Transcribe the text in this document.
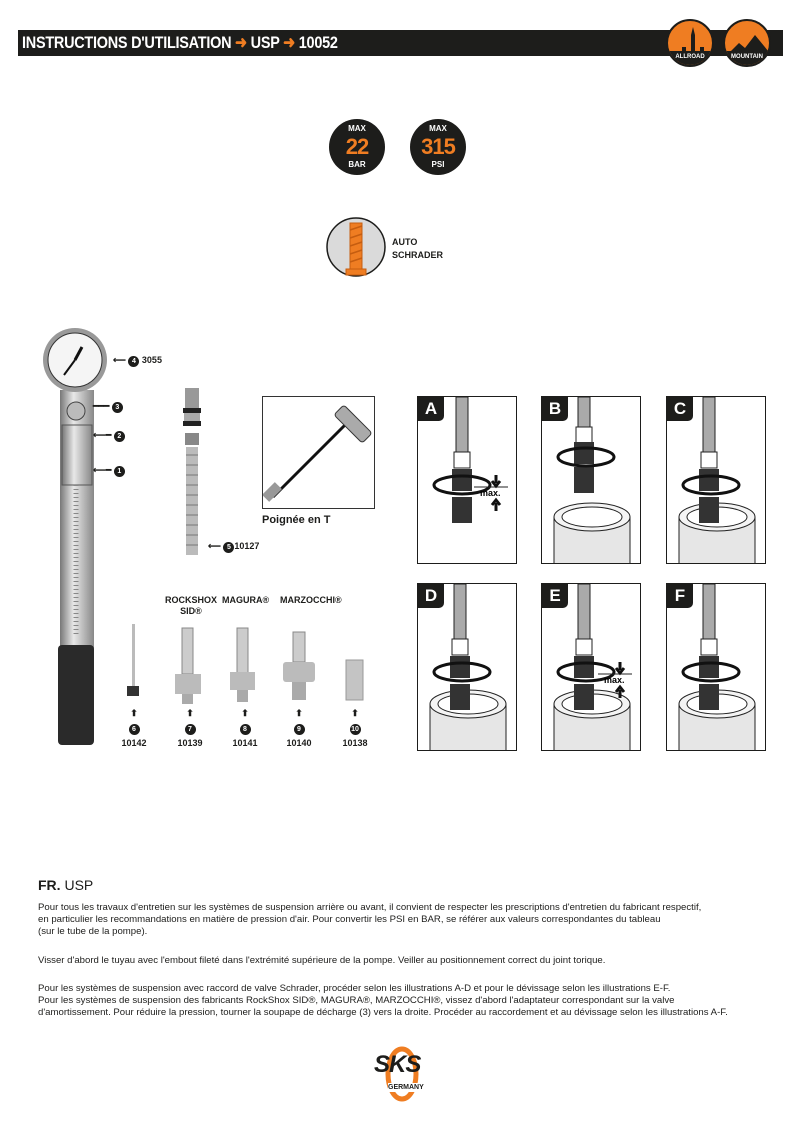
INSTRUCTIONS D'UTILISATION ➜ USP ➜ 10052
ALLROAD	MOUNTAIN
MAX
22
BAR
MAX
315
PSI
AUTO
SCHRADER
⟵ 4 3055
━━━ 3
⟵━ 2
⟵━ 1
⟵ 5 10127
Poignée en T
ROCKSHOX SID®
MAGURA® MARZOCCHI®
⬆
6
10142
⬆
7
10139
⬆
8
10141
⬆
9
10140
⬆
10
10138
max.
A	B	C
D
max.
E	F
FR. USP
Pour tous les travaux d'entretien sur les systèmes de suspension arrière ou avant, il convient de respecter les prescriptions d'entretien du fabricant respectif,
en particulier les recommandations en matière de pression d'air. Pour convertir les PSI en BAR, se référer aux valeurs correspondantes du tableau
(sur le tube de la pompe).
Visser d'abord le tuyau avec l'embout fileté dans l'extrémité supérieure de la pompe. Veiller au positionnement correct du joint torique.
Pour les systèmes de suspension avec raccord de valve Schrader, procéder selon les illustrations A-D et pour le dévissage selon les illustrations E-F.
Pour les systèmes de suspension des fabricants RockShox SID®, MAGURA®, MARZOCCHI®, vissez d'abord l'adaptateur correspondant sur la valve
d'amortissement. Pour réduire la pression, tourner la soupape de décharge (3) vers la droite. Procéder au raccordement et au dévissage selon les illustrations A-F.
SKS
GERMANY
